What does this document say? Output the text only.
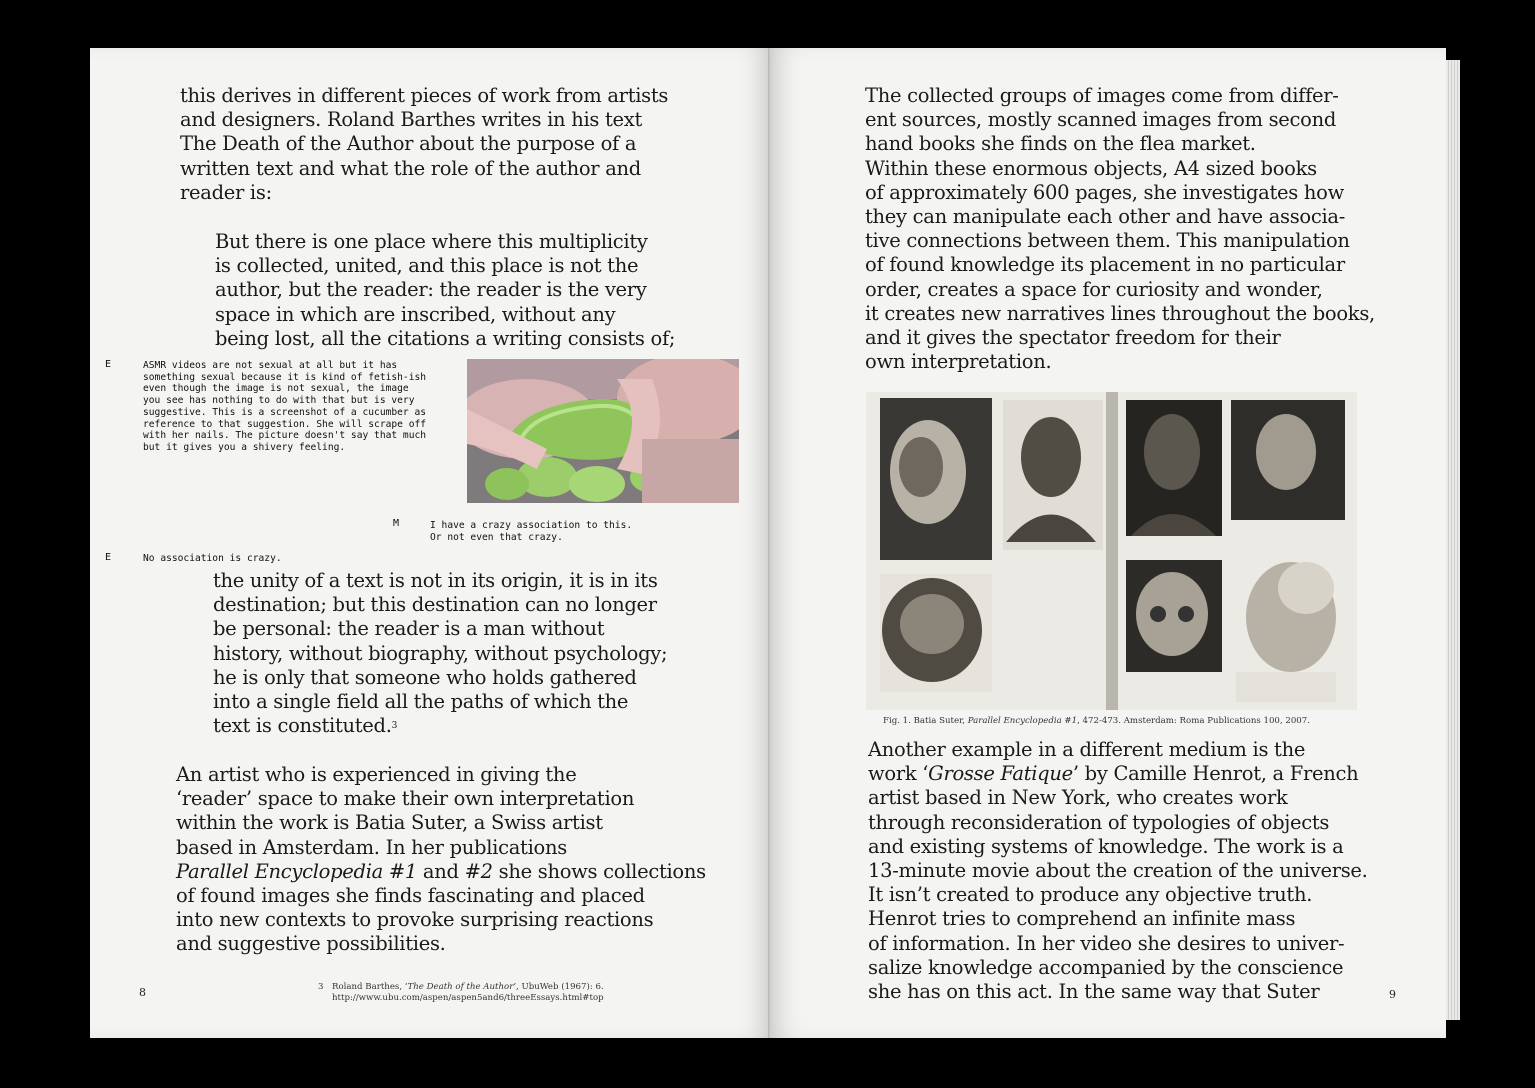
this derives in different pieces of work from artists

and designers. Roland Barthes writes in his text

The Death of the Author about the purpose of a

written text and what the role of the author and

reader is:

But there is one place where this multiplicity

is collected, united, and this place is not the

author, but the reader: the reader is the very

space in which are inscribed, without any

being lost, all the citations a writing consists of;

E	ASMR videos are not sexual at all but it has
something sexual because it is kind of fetish-ish
even though the image is not sexual, the image
you see has nothing to do with that but is very
suggestive. This is a screenshot of a cucumber as
reference to that suggestion. She will scrape off
with her nails. The picture doesn't say that much
but it gives you a shivery feeling.
M	I have a crazy association to this.
Or not even that crazy.
E	No association is crazy.

the unity of a text is not in its origin, it is in its

destination; but this destination can no longer

be personal: the reader is a man without

history, without biography, without psychology;

he is only that someone who holds gathered

into a single field all the paths of which the

text is constituted.$^3$

An artist who is experienced in giving the

‘reader’ space to make their own interpretation

within the work is Batia Suter, a Swiss artist

based in Amsterdam. In her publications

Parallel Encyclopedia #1 and #2 she shows collections

of found images she finds fascinating and placed

into new contexts to provoke surprising reactions

and suggestive possibilities.

8	3 Roland Barthes, ‘The Death of the Author’, UbuWeb (1967): 6.
http://www.ubu.com/aspen/aspen5and6/threeEssays.html#top

The collected groups of images come from differ-

ent sources, mostly scanned images from second

hand books she finds on the flea market.

Within these enormous objects, A4 sized books

of approximately 600 pages, she investigates how

they can manipulate each other and have associa-

tive connections between them. This manipulation

of found knowledge its placement in no particular

order, creates a space for curiosity and wonder,

it creates new narratives lines throughout the books,

and it gives the spectator freedom for their

own interpretation.

Fig. 1. Batia Suter, Parallel Encyclopedia #1, 472-473. Amsterdam: Roma Publications 100, 2007.

Another example in a different medium is the

work ‘Grosse Fatique’ by Camille Henrot, a French

artist based in New York, who creates work

through reconsideration of typologies of objects

and existing systems of knowledge. The work is a

13-minute movie about the creation of the universe.

It isn’t created to produce any objective truth.

Henrot tries to comprehend an infinite mass

of information. In her video she desires to univer-

salize knowledge accompanied by the conscience

she has on this act. In the same way that Suter	9
